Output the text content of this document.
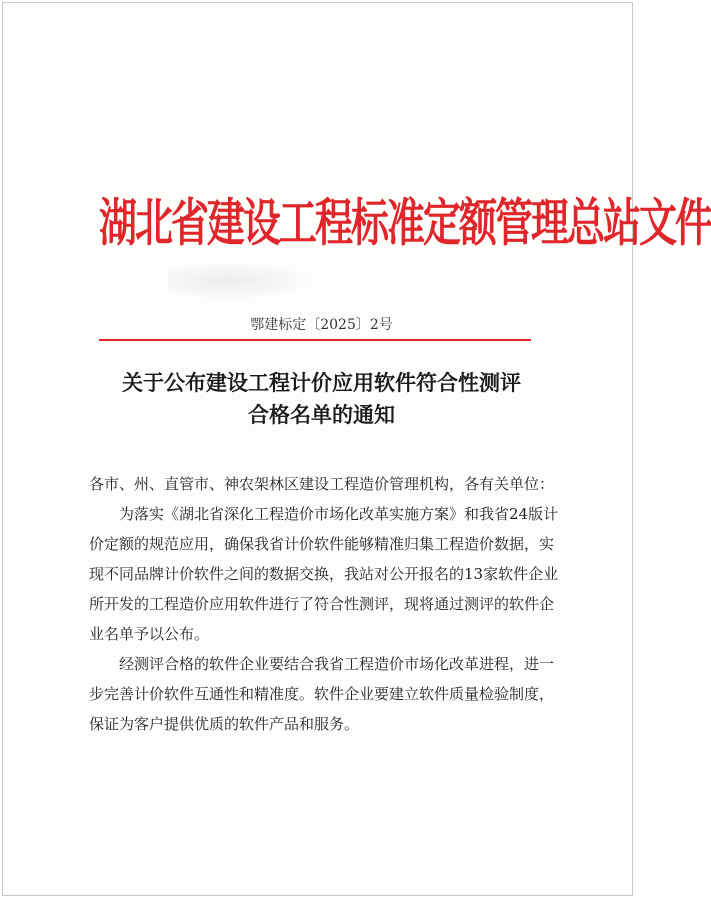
湖北省建设工程标准定额管理总站文件
鄂建标定〔2025〕2号
关于公布建设工程计价应用软件符合性测评
合格名单的通知

各市、州、直管市、神农架林区建设工程造价管理机构，各有关单位：

为落实《湖北省深化工程造价市场化改革实施方案》和我省24版计价定额的规范应用，确保我省计价软件能够精准归集工程造价数据，实现不同品牌计价软件之间的数据交换，我站对公开报名的13家软件企业所开发的工程造价应用软件进行了符合性测评，现将通过测评的软件企业名单予以公布。

经测评合格的软件企业要结合我省工程造价市场化改革进程，进一步完善计价软件互通性和精准度。软件企业要建立软件质量检验制度，保证为客户提供优质的软件产品和服务。
